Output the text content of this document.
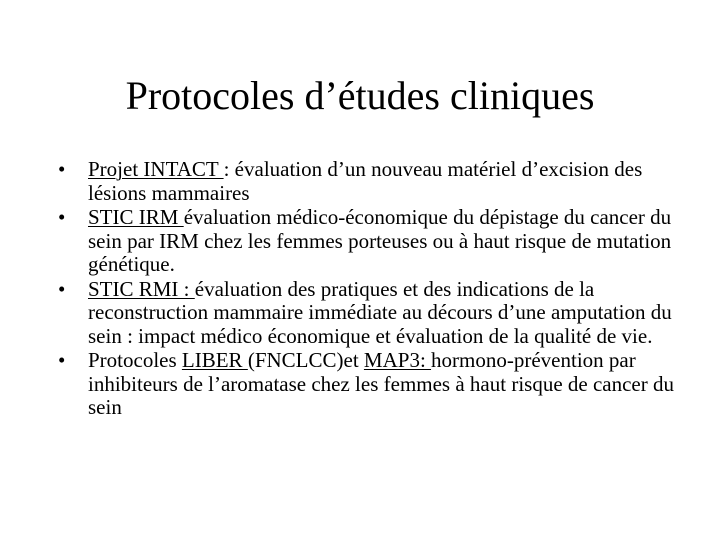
Protocoles d’études cliniques
•	Projet INTACT : évaluation d’un nouveau matériel d’excision des lésions mammaires
•	STIC IRM évaluation médico-économique du dépistage du cancer du sein par IRM chez les femmes porteuses ou à haut risque de mutation génétique.
•	STIC RMI : évaluation des pratiques et des indications de la reconstruction mammaire immédiate au décours d’une amputation du sein : impact médico économique et évaluation de la qualité de vie.
•	Protocoles LIBER (FNCLCC)et MAP3: hormono-prévention par inhibiteurs de l’aromatase chez les femmes à haut risque de cancer du sein
